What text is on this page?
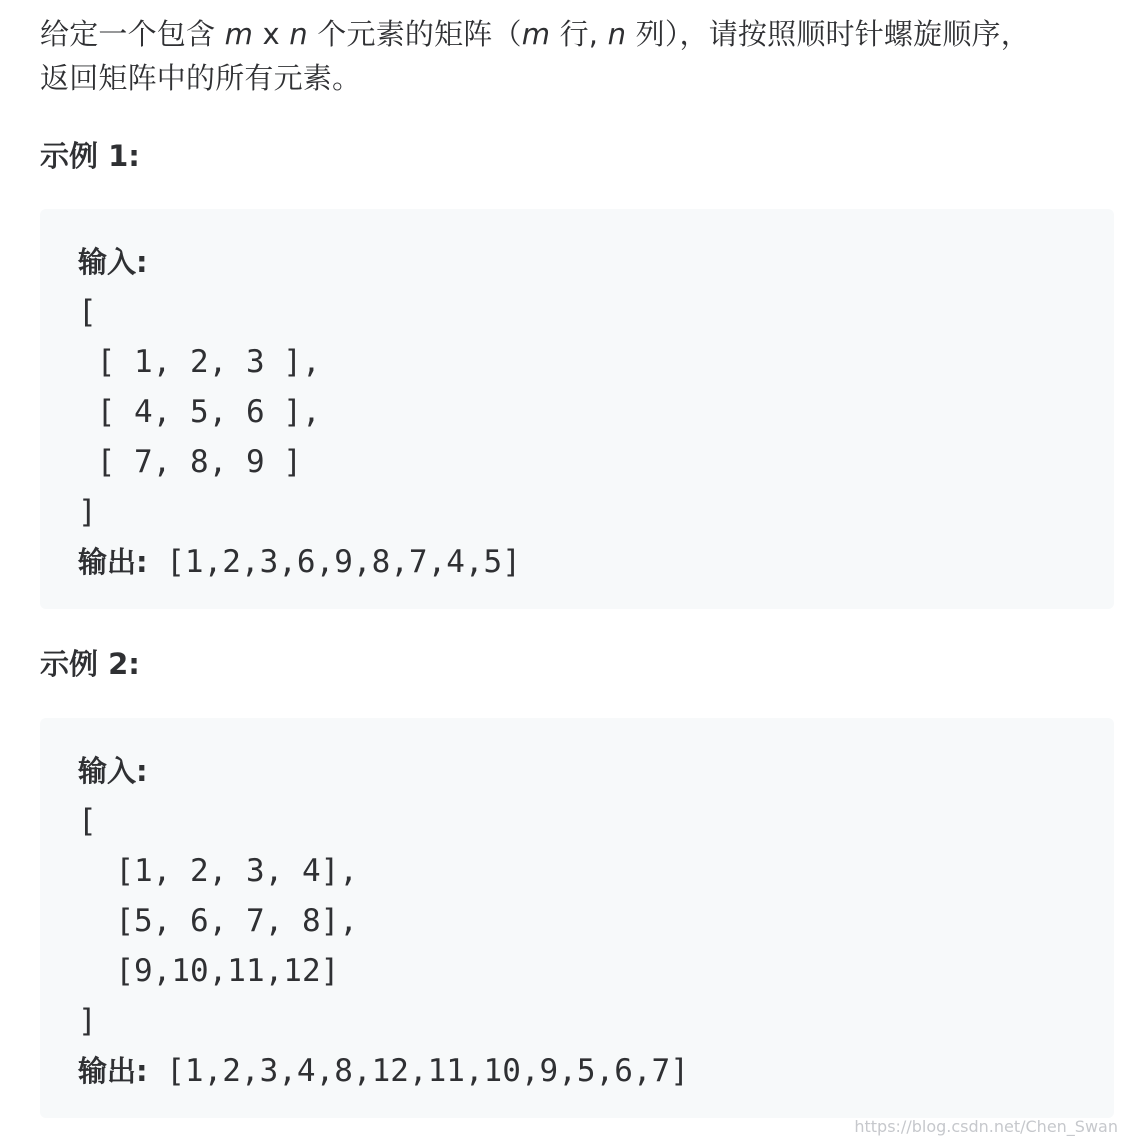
给定一个包含 m x n 个元素的矩阵（m 行, n 列），请按照顺时针螺旋顺序，
返回矩阵中的所有元素。

示例 1:
输入:
[
[ 1, 2, 3 ],
[ 4, 5, 6 ],
[ 7, 8, 9 ]
]
输出: [1,2,3,6,9,8,7,4,5]
示例 2:
输入:
[
[1, 2, 3, 4],
[5, 6, 7, 8],
[9,10,11,12]
]
输出: [1,2,3,4,8,12,11,10,9,5,6,7]
https://blog.csdn.net/Chen_Swan
